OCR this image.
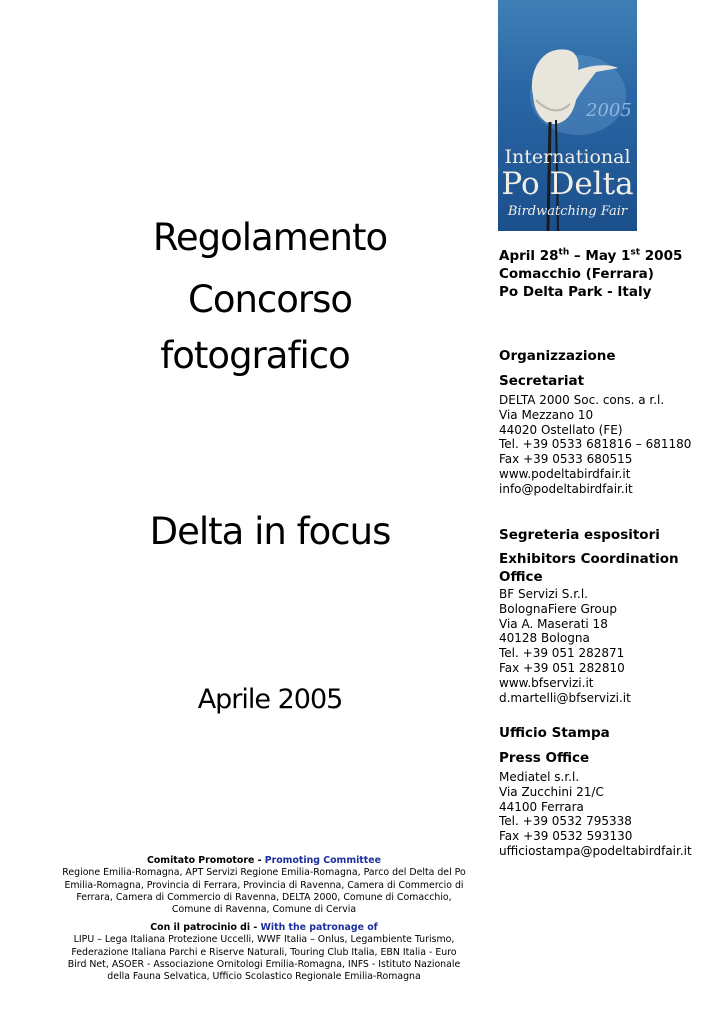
Regolamento
Concorso
fotografico
Delta in focus
Aprile 2005
2005
International
Po Delta
Birdwatching Fair
April 28th – May 1st 2005
Comacchio (Ferrara)
Po Delta Park - Italy
Organizzazione
Secretariat
DELTA 2000 Soc. cons. a r.l.
Via Mezzano 10
44020 Ostellato (FE)
Tel. +39 0533 681816 – 681180
Fax +39 0533 680515
www.podeltabirdfair.it
info@podeltabirdfair.it
Segreteria espositori
Exhibitors Coordination Office
BF Servizi S.r.l.
BolognaFiere Group
Via A. Maserati 18
40128 Bologna
Tel. +39 051 282871
Fax +39 051 282810
www.bfservizi.it
d.martelli@bfservizi.it
Ufficio Stampa
Press Office
Mediatel s.r.l.
Via Zucchini 21/C
44100 Ferrara
Tel. +39 0532 795338
Fax +39 0532 593130
ufficiostampa@podeltabirdfair.it
Comitato Promotore - Promoting Committee
Regione Emilia-Romagna, APT Servizi Regione Emilia-Romagna, Parco del Delta del Po Emilia-Romagna, Provincia di Ferrara, Provincia di Ravenna, Camera di Commercio di Ferrara, Camera di Commercio di Ravenna, DELTA 2000, Comune di Comacchio, Comune di Ravenna, Comune di Cervia
Con il patrocinio di - With the patronage of
LIPU – Lega Italiana Protezione Uccelli, WWF Italia – Onlus, Legambiente Turismo, Federazione Italiana Parchi e Riserve Naturali, Touring Club Italia, EBN Italia - Euro Bird Net, ASOER - Associazione Ornitologi Emilia-Romagna, INFS - Istituto Nazionale della Fauna Selvatica, Ufficio Scolastico Regionale Emilia-Romagna
